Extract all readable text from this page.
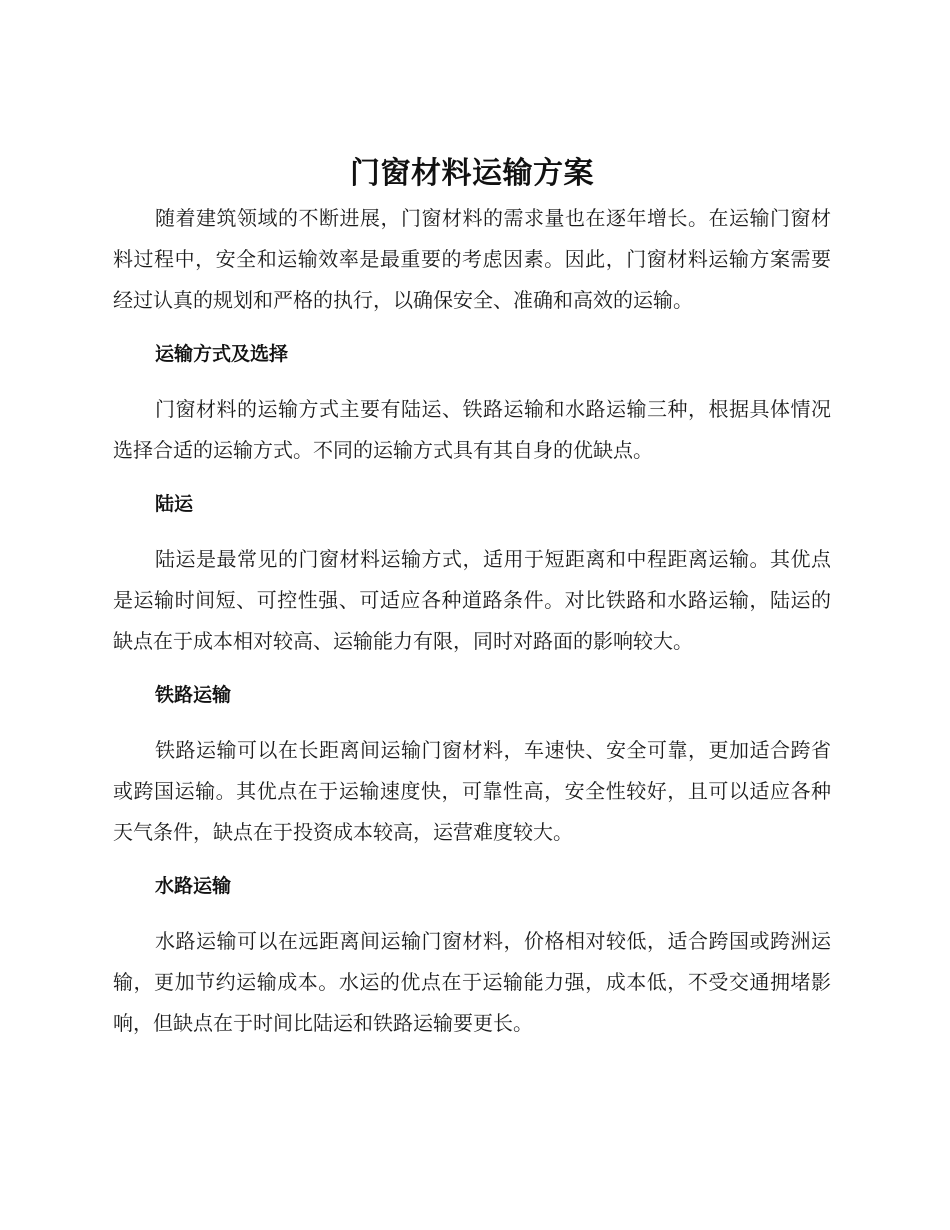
门窗材料运输方案

随着建筑领域的不断进展，门窗材料的需求量也在逐年增长。在运输门窗材料过程中，安全和运输效率是最重要的考虑因素。因此，门窗材料运输方案需要经过认真的规划和严格的执行，以确保安全、准确和高效的运输。

运输方式及选择

门窗材料的运输方式主要有陆运、铁路运输和水路运输三种，根据具体情况选择合适的运输方式。不同的运输方式具有其自身的优缺点。

陆运

陆运是最常见的门窗材料运输方式，适用于短距离和中程距离运输。其优点是运输时间短、可控性强、可适应各种道路条件。对比铁路和水路运输，陆运的缺点在于成本相对较高、运输能力有限，同时对路面的影响较大。

铁路运输

铁路运输可以在长距离间运输门窗材料，车速快、安全可靠，更加适合跨省或跨国运输。其优点在于运输速度快，可靠性高，安全性较好，且可以适应各种天气条件，缺点在于投资成本较高，运营难度较大。

水路运输

水路运输可以在远距离间运输门窗材料，价格相对较低，适合跨国或跨洲运输，更加节约运输成本。水运的优点在于运输能力强，成本低，不受交通拥堵影响，但缺点在于时间比陆运和铁路运输要更长。
